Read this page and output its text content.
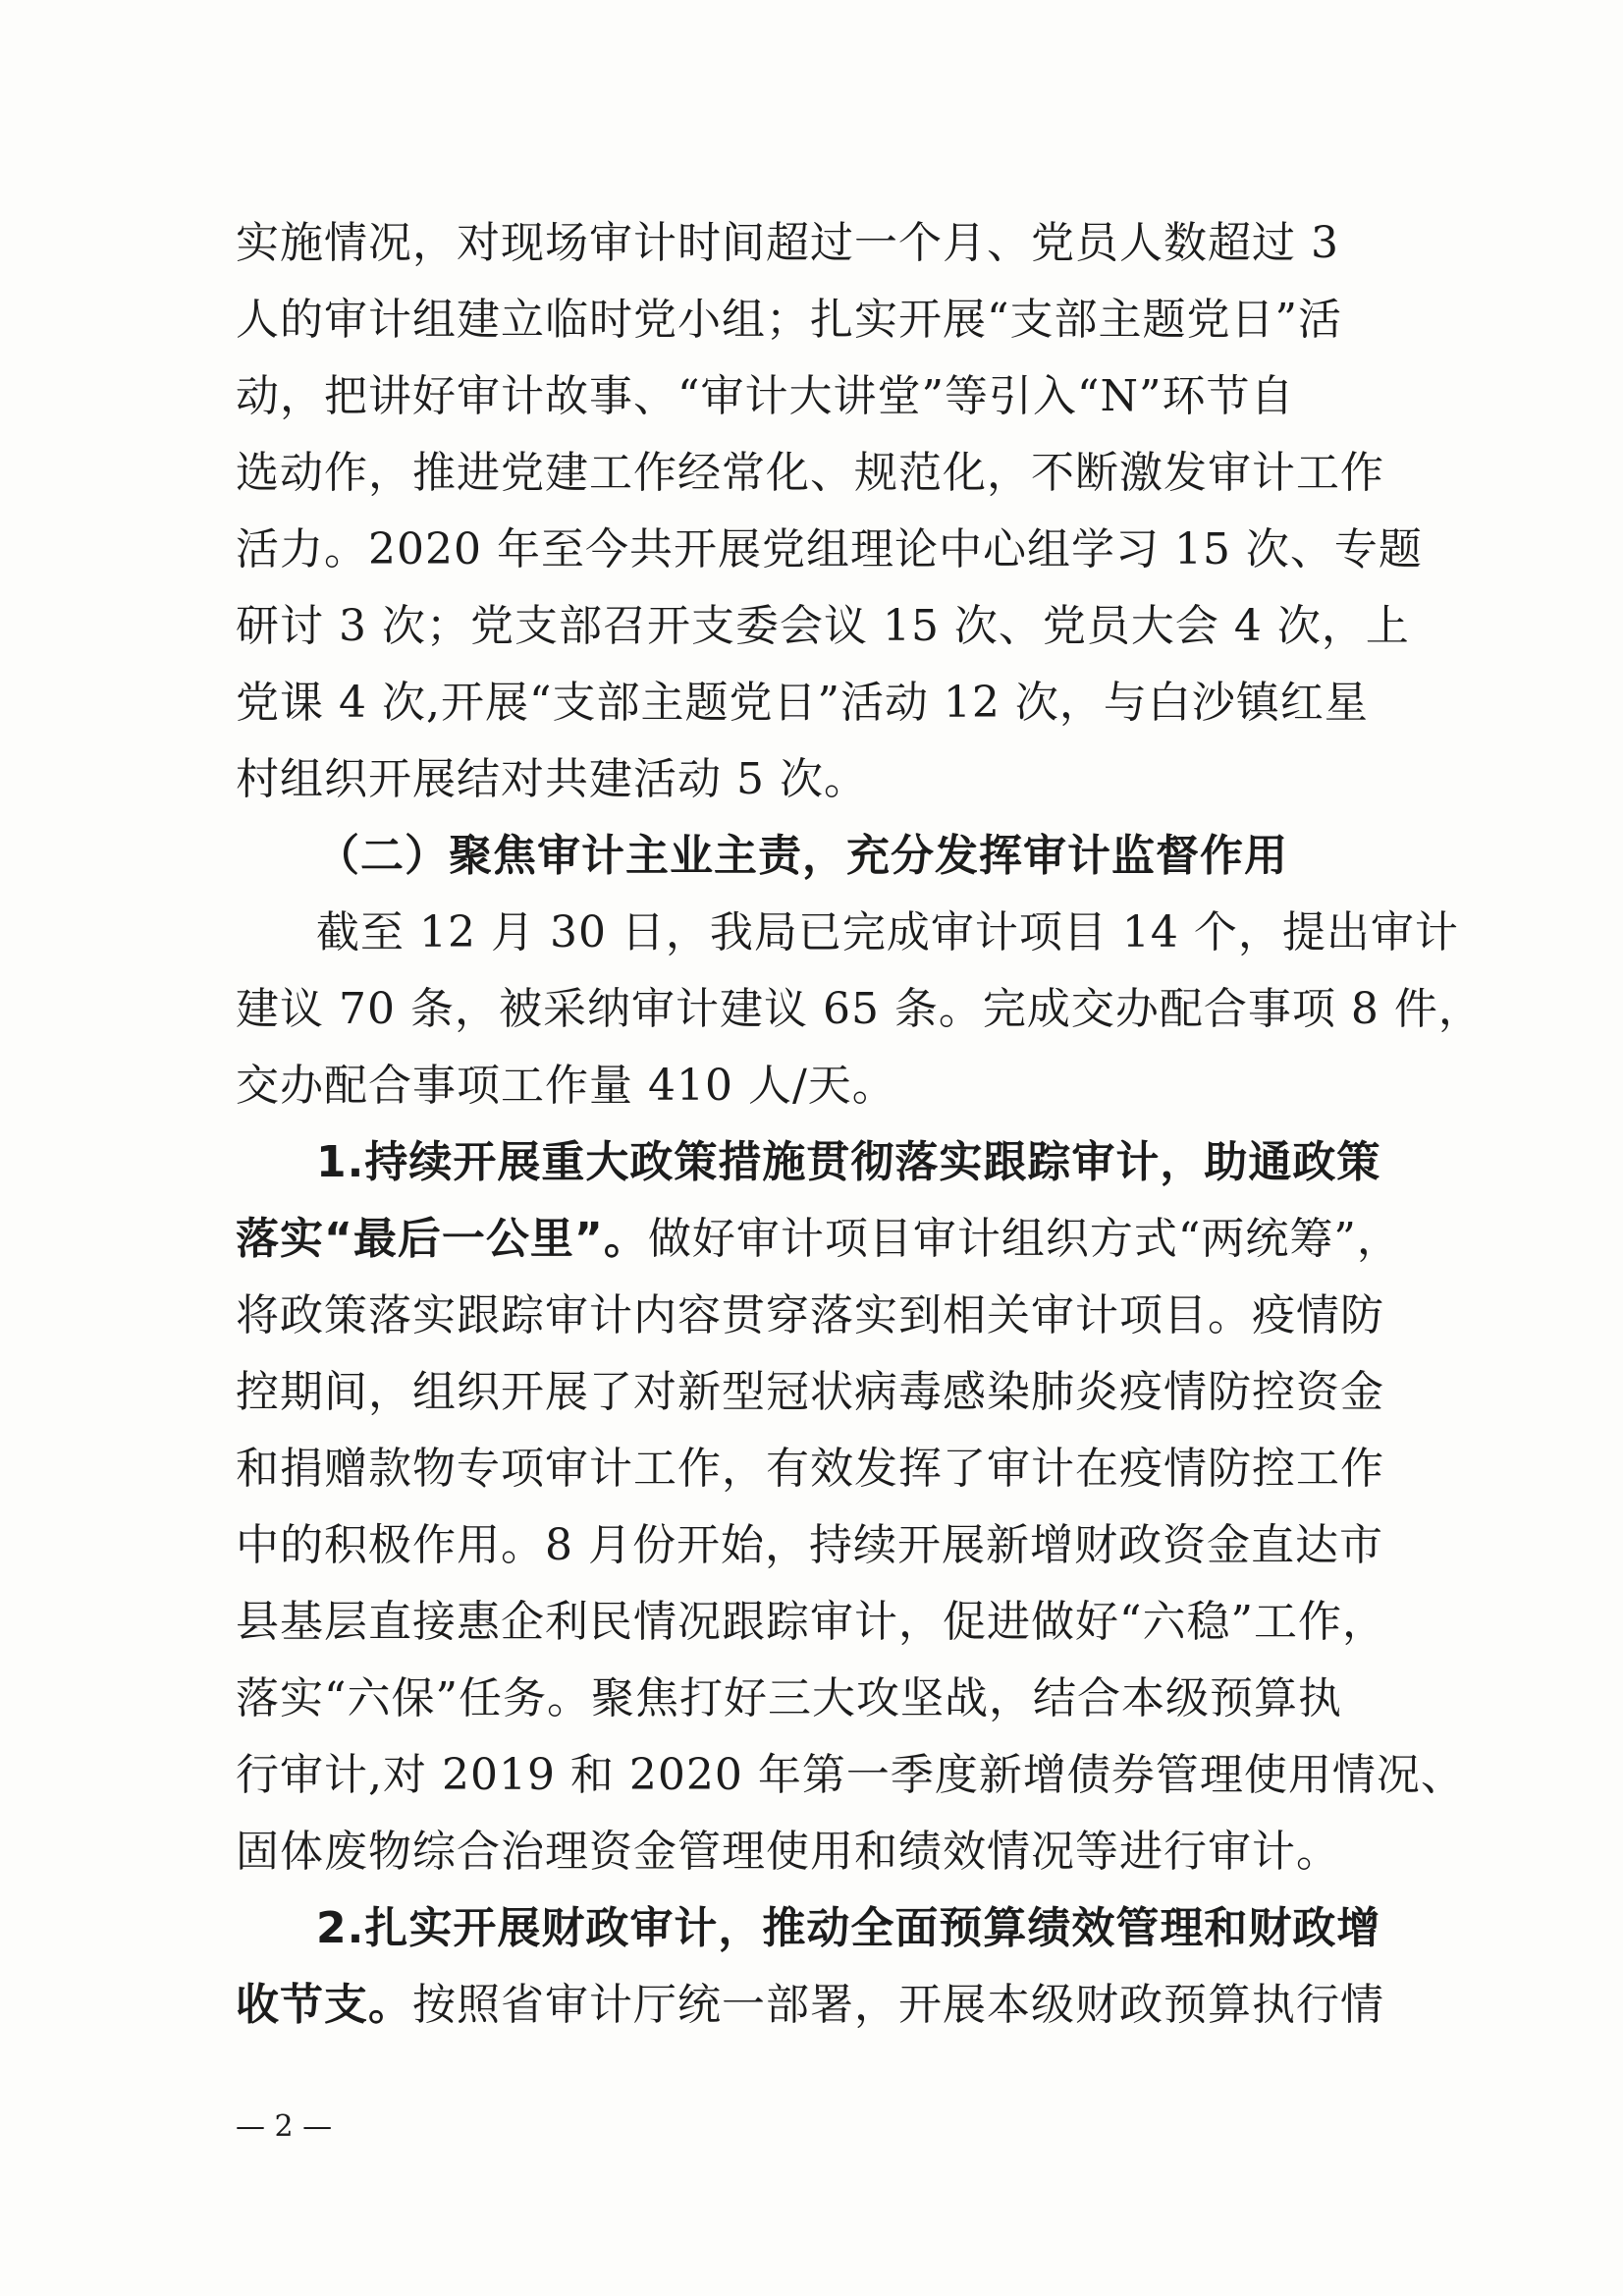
实施情况，对现场审计时间超过一个月、党员人数超过 3
人的审计组建立临时党小组；扎实开展“支部主题党日”活
动，把讲好审计故事、“审计大讲堂”等引入“N”环节自
选动作，推进党建工作经常化、规范化，不断激发审计工作
活力。2020 年至今共开展党组理论中心组学习 15 次、专题
研讨 3 次；党支部召开支委会议 15 次、党员大会 4 次，上
党课 4 次,开展“支部主题党日”活动 12 次，与白沙镇红星
村组织开展结对共建活动 5 次。
（二）聚焦审计主业主责，充分发挥审计监督作用
截至 12 月 30 日，我局已完成审计项目 14 个，提出审计
建议 70 条，被采纳审计建议 65 条。完成交办配合事项 8 件，
交办配合事项工作量 410 人/天。
1.持续开展重大政策措施贯彻落实跟踪审计，助通政策
落实“最后一公里”。做好审计项目审计组织方式“两统筹”，
将政策落实跟踪审计内容贯穿落实到相关审计项目。疫情防
控期间，组织开展了对新型冠状病毒感染肺炎疫情防控资金
和捐赠款物专项审计工作，有效发挥了审计在疫情防控工作
中的积极作用。8 月份开始，持续开展新增财政资金直达市
县基层直接惠企利民情况跟踪审计，促进做好“六稳”工作，
落实“六保”任务。聚焦打好三大攻坚战，结合本级预算执
行审计,对 2019 和 2020 年第一季度新增债券管理使用情况、
固体废物综合治理资金管理使用和绩效情况等进行审计。
2.扎实开展财政审计，推动全面预算绩效管理和财政增
收节支。按照省审计厅统一部署，开展本级财政预算执行情
— 2 —
